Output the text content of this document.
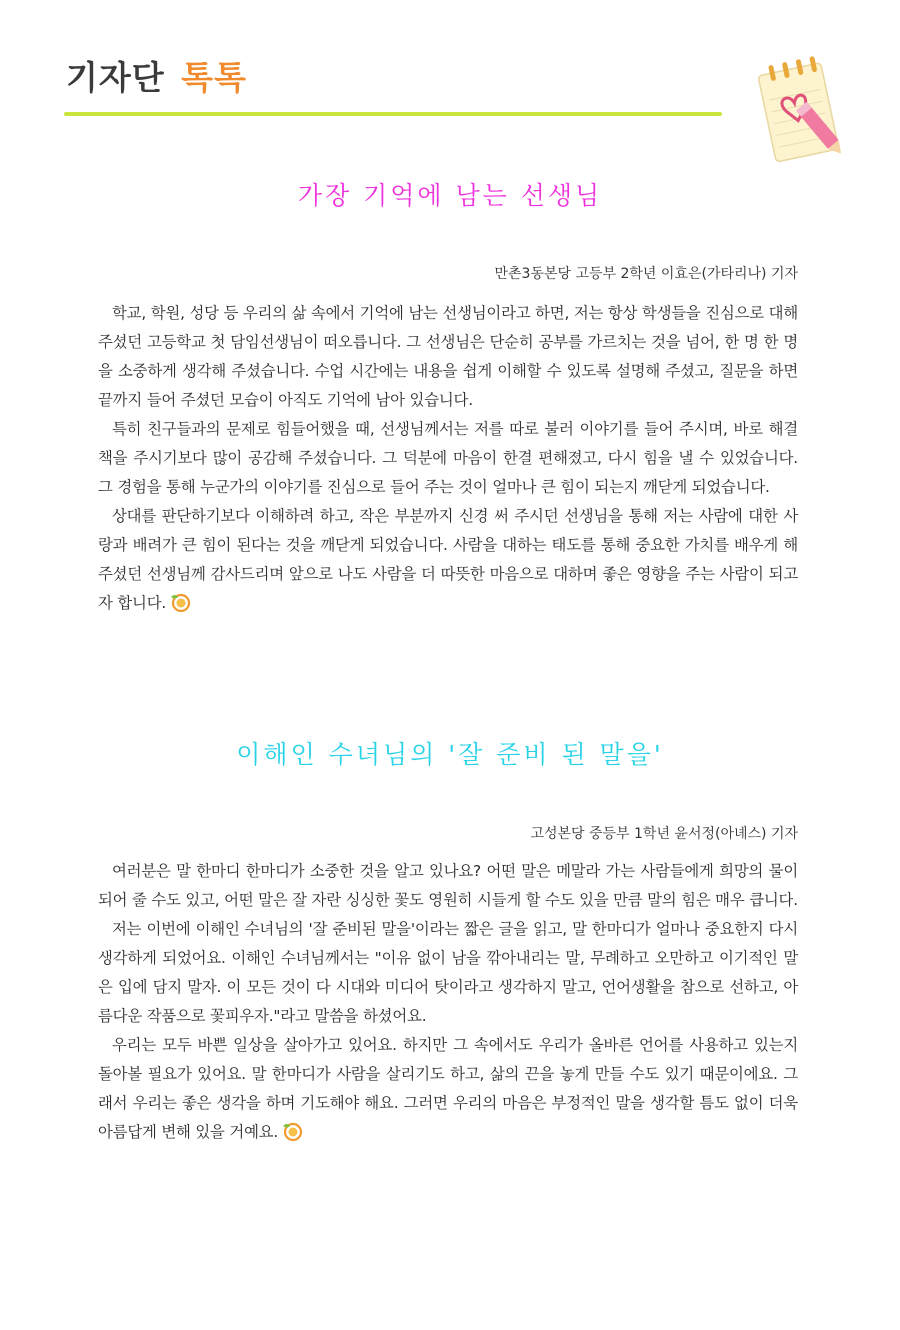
기자단 톡톡
가장 기억에 남는 선생님
만촌3동본당 고등부 2학년 이효은(가타리나) 기자

학교, 학원, 성당 등 우리의 삶 속에서 기억에 남는 선생님이라고 하면, 저는 항상 학생들을 진심으로 대해 주셨던 고등학교 첫 담임선생님이 떠오릅니다. 그 선생님은 단순히 공부를 가르치는 것을 넘어, 한 명 한 명을 소중하게 생각해 주셨습니다. 수업 시간에는 내용을 쉽게 이해할 수 있도록 설명해 주셨고, 질문을 하면 끝까지 들어 주셨던 모습이 아직도 기억에 남아 있습니다.

특히 친구들과의 문제로 힘들어했을 때, 선생님께서는 저를 따로 불러 이야기를 들어 주시며, 바로 해결책을 주시기보다 많이 공감해 주셨습니다. 그 덕분에 마음이 한결 편해졌고, 다시 힘을 낼 수 있었습니다. 그 경험을 통해 누군가의 이야기를 진심으로 들어 주는 것이 얼마나 큰 힘이 되는지 깨닫게 되었습니다.

상대를 판단하기보다 이해하려 하고, 작은 부분까지 신경 써 주시던 선생님을 통해 저는 사람에 대한 사랑과 배려가 큰 힘이 된다는 것을 깨닫게 되었습니다. 사람을 대하는 태도를 통해 중요한 가치를 배우게 해 주셨던 선생님께 감사드리며 앞으로 나도 사람을 더 따뜻한 마음으로 대하며 좋은 영향을 주는 사람이 되고자 합니다.

이해인 수녀님의 '잘 준비 된 말을'
고성본당 중등부 1학년 윤서정(아녜스) 기자

여러분은 말 한마디 한마디가 소중한 것을 알고 있나요? 어떤 말은 메말라 가는 사람들에게 희망의 물이 되어 줄 수도 있고, 어떤 말은 잘 자란 싱싱한 꽃도 영원히 시들게 할 수도 있을 만큼 말의 힘은 매우 큽니다.

저는 이번에 이해인 수녀님의 '잘 준비된 말을'이라는 짧은 글을 읽고, 말 한마디가 얼마나 중요한지 다시 생각하게 되었어요. 이해인 수녀님께서는 "이유 없이 남을 깎아내리는 말, 무례하고 오만하고 이기적인 말은 입에 담지 말자. 이 모든 것이 다 시대와 미디어 탓이라고 생각하지 말고, 언어생활을 참으로 선하고, 아름다운 작품으로 꽃피우자."라고 말씀을 하셨어요.

우리는 모두 바쁜 일상을 살아가고 있어요. 하지만 그 속에서도 우리가 올바른 언어를 사용하고 있는지 돌아볼 필요가 있어요. 말 한마디가 사람을 살리기도 하고, 삶의 끈을 놓게 만들 수도 있기 때문이에요. 그래서 우리는 좋은 생각을 하며 기도해야 해요. 그러면 우리의 마음은 부정적인 말을 생각할 틈도 없이 더욱 아름답게 변해 있을 거예요.
